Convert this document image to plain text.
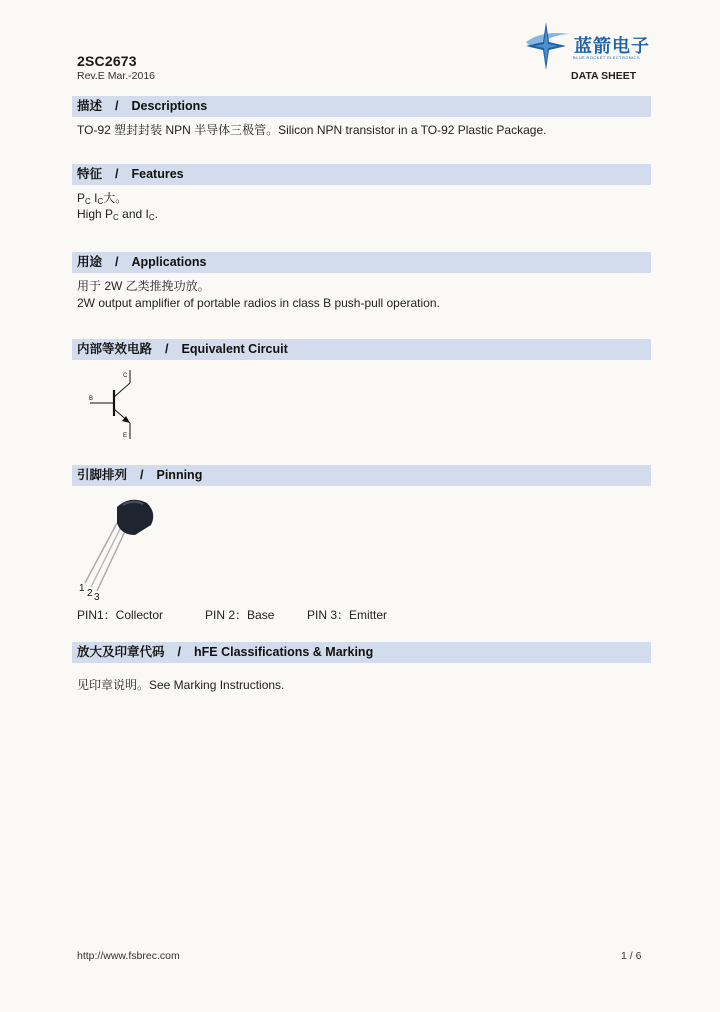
2SC2673
Rev.E Mar.-2016
蓝箭电子
BLUE ROCKET ELECTRONICS
DATA SHEET
描述 / Descriptions
TO-92 塑封封装 NPN 半导体三极管。Silicon NPN transistor in a TO-92 Plastic Package.
特征 / Features
$P_C$ $I_C$大。
High $P_C$ and $I_C$.
用途 / Applications
用于 2W 乙类推挽功放。
2W output amplifier of portable radios in class B push-pull operation.
内部等效电路 / Equivalent Circuit
C
B
E
引脚排列 / Pinning
1 2 3
PIN1：Collector	PIN 2：Base	PIN 3：Emitter
放大及印章代码 / hFE Classifications & Marking
见印章说明。See Marking Instructions.
http://www.fsbrec.com	1 / 6
